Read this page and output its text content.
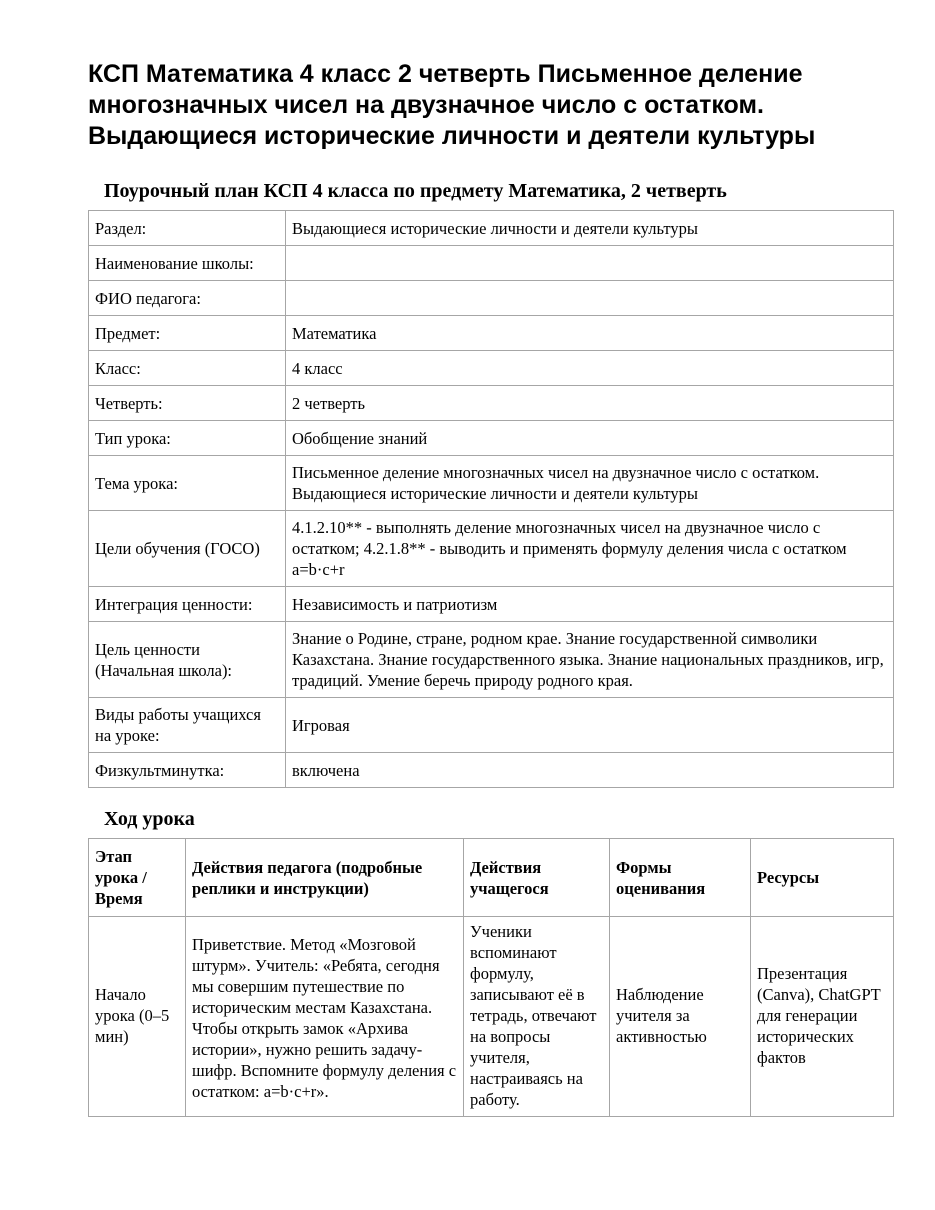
КСП Математика 4 класс 2 четверть Письменное деление многозначных чисел на двузначное число с остатком. Выдающиеся исторические личности и деятели культуры
Поурочный план КСП 4 класса по предмету Математика, 2 четверть
Раздел:	Выдающиеся исторические личности и деятели культуры
Наименование школы:	
ФИО педагога:	
Предмет:	Математика
Класс:	4 класс
Четверть:	2 четверть
Тип урока:	Обобщение знаний
Тема урока:	Письменное деление многозначных чисел на двузначное число с остатком. Выдающиеся исторические личности и деятели культуры
Цели обучения (ГОСО)	4.1.2.10** - выполнять деление многозначных чисел на двузначное число с остатком; 4.2.1.8** - выводить и применять формулу деления числа с остатком a=b·c+r
Интеграция ценности:	Независимость и патриотизм
Цель ценности (Начальная школа):	Знание о Родине, стране, родном крае. Знание государственной символики Казахстана. Знание государственного языка. Знание национальных праздников, игр, традиций. Умение беречь природу родного края.
Виды работы учащихся на уроке:	Игровая
Физкультминутка:	включена
Ход урока
Этап урока / Время	Действия педагога (подробные реплики и инструкции)	Действия учащегося	Формы оценивания	Ресурсы
Начало урока (0–5 мин)	Приветствие. Метод «Мозговой штурм». Учитель: «Ребята, сегодня мы совершим путешествие по историческим местам Казахстана. Чтобы открыть замок «Архива истории», нужно решить задачу-шифр. Вспомните формулу деления с остатком: a=b·c+r».	Ученики вспоминают формулу, записывают её в тетрадь, отвечают на вопросы учителя, настраиваясь на работу.	Наблюдение учителя за активностью	Презентация (Canva), ChatGPT для генерации исторических фактов
